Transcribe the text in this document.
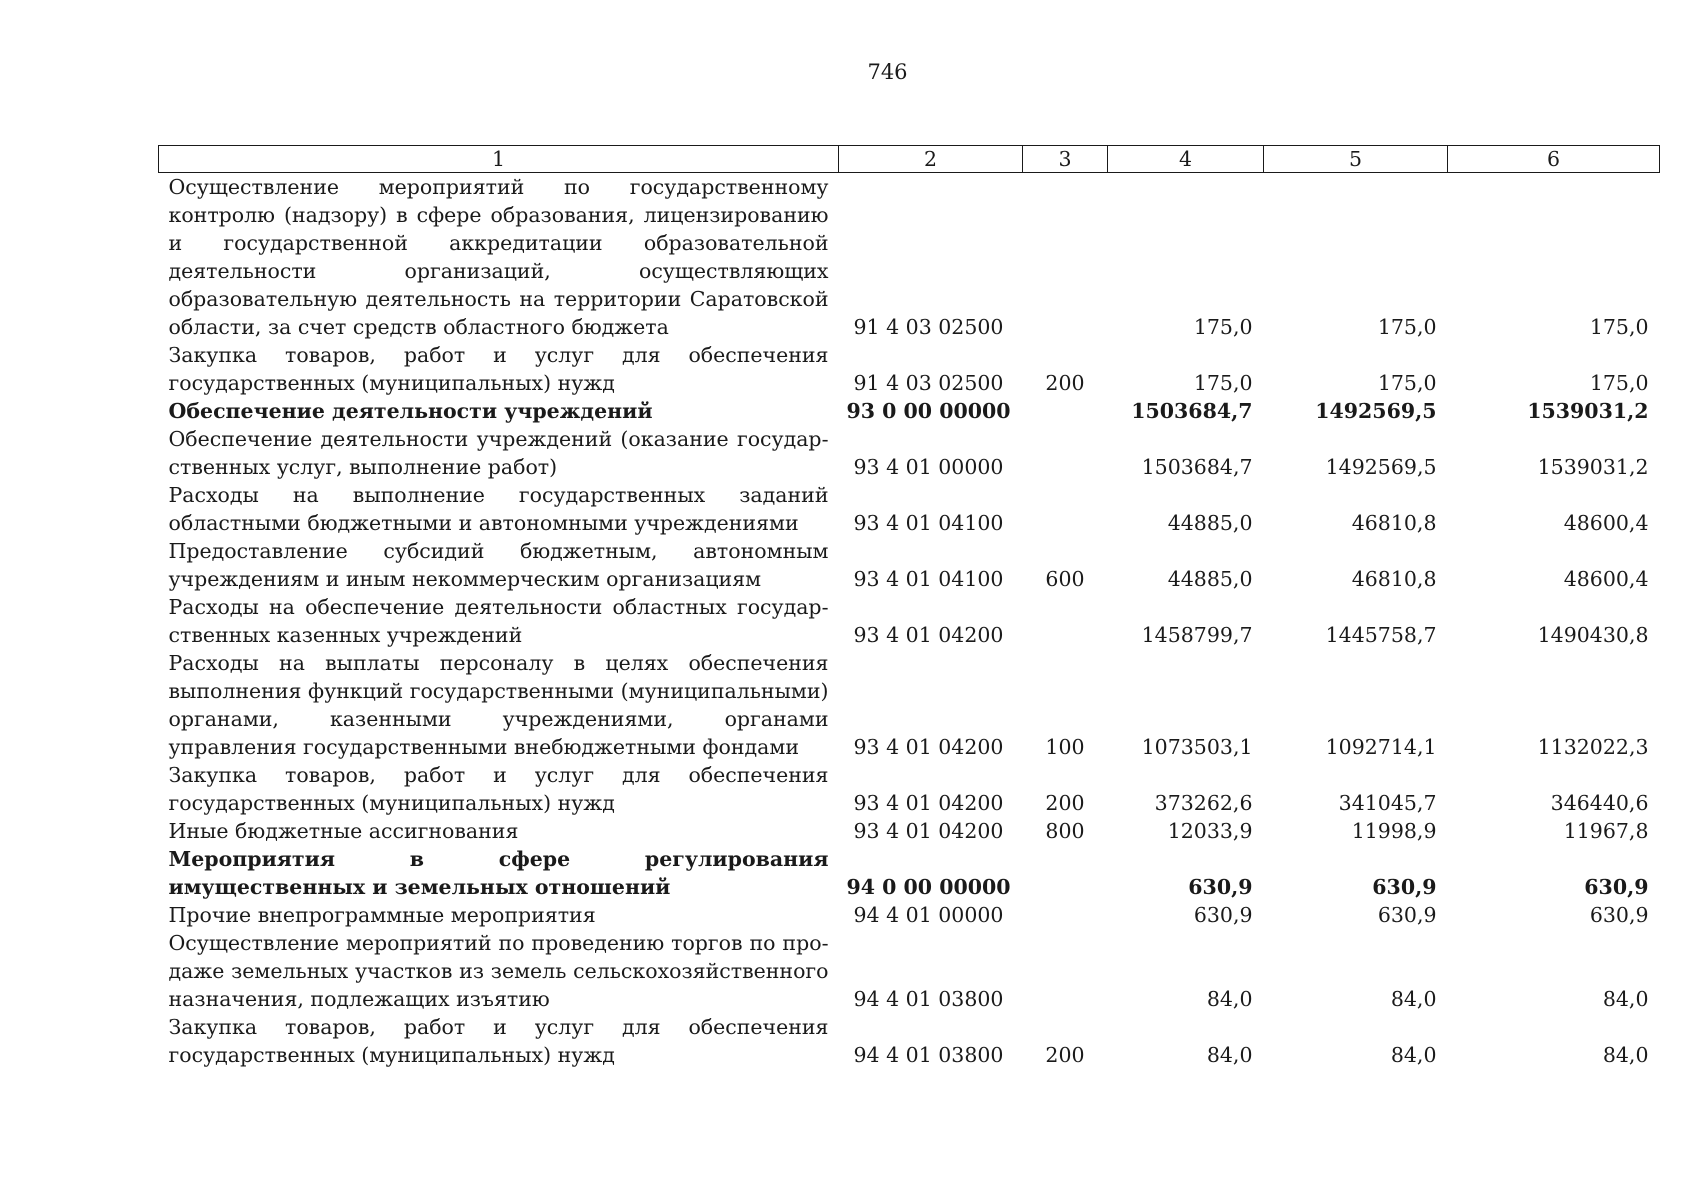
746
1	2	3	4	5	6
Осуществление мероприятий по государственному контролю (надзору) в сфере образования, лицензированию и государственной аккредитации образовательной деятельности организаций, осуществляющих образовательную деятельность на территории Саратовской области, за счет средств областного бюджета	91 4 03 02500		175,0	175,0	175,0
Закупка товаров, работ и услуг для обеспечения государственных (муниципальных) нужд	91 4 03 02500	200	175,0	175,0	175,0
Обеспечение деятельности учреждений	93 0 00 00000		1503684,7	1492569,5	1539031,2
Обеспечение деятельности учреждений (оказание государственных услуг, выполнение работ)	93 4 01 00000		1503684,7	1492569,5	1539031,2
Расходы на выполнение государственных заданий областными бюджетными и автономными учреждениями	93 4 01 04100		44885,0	46810,8	48600,4
Предоставление субсидий бюджетным, автономным учреждениям и иным некоммерческим организациям	93 4 01 04100	600	44885,0	46810,8	48600,4
Расходы на обеспечение деятельности областных государственных казенных учреждений	93 4 01 04200		1458799,7	1445758,7	1490430,8
Расходы на выплаты персоналу в целях обеспечения выполнения функций государственными (муниципальными) органами, казенными учреждениями, органами управления государственными внебюджетными фондами	93 4 01 04200	100	1073503,1	1092714,1	1132022,3
Закупка товаров, работ и услуг для обеспечения государственных (муниципальных) нужд	93 4 01 04200	200	373262,6	341045,7	346440,6
Иные бюджетные ассигнования	93 4 01 04200	800	12033,9	11998,9	11967,8
Мероприятия в сфере регулирования имущественных и земельных отношений	94 0 00 00000		630,9	630,9	630,9
Прочие внепрограммные мероприятия	94 4 01 00000		630,9	630,9	630,9
Осуществление мероприятий по проведению торгов по продаже земельных участков из земель сельскохозяйственного назначения, подлежащих изъятию	94 4 01 03800		84,0	84,0	84,0
Закупка товаров, работ и услуг для обеспечения государственных (муниципальных) нужд	94 4 01 03800	200	84,0	84,0	84,0
